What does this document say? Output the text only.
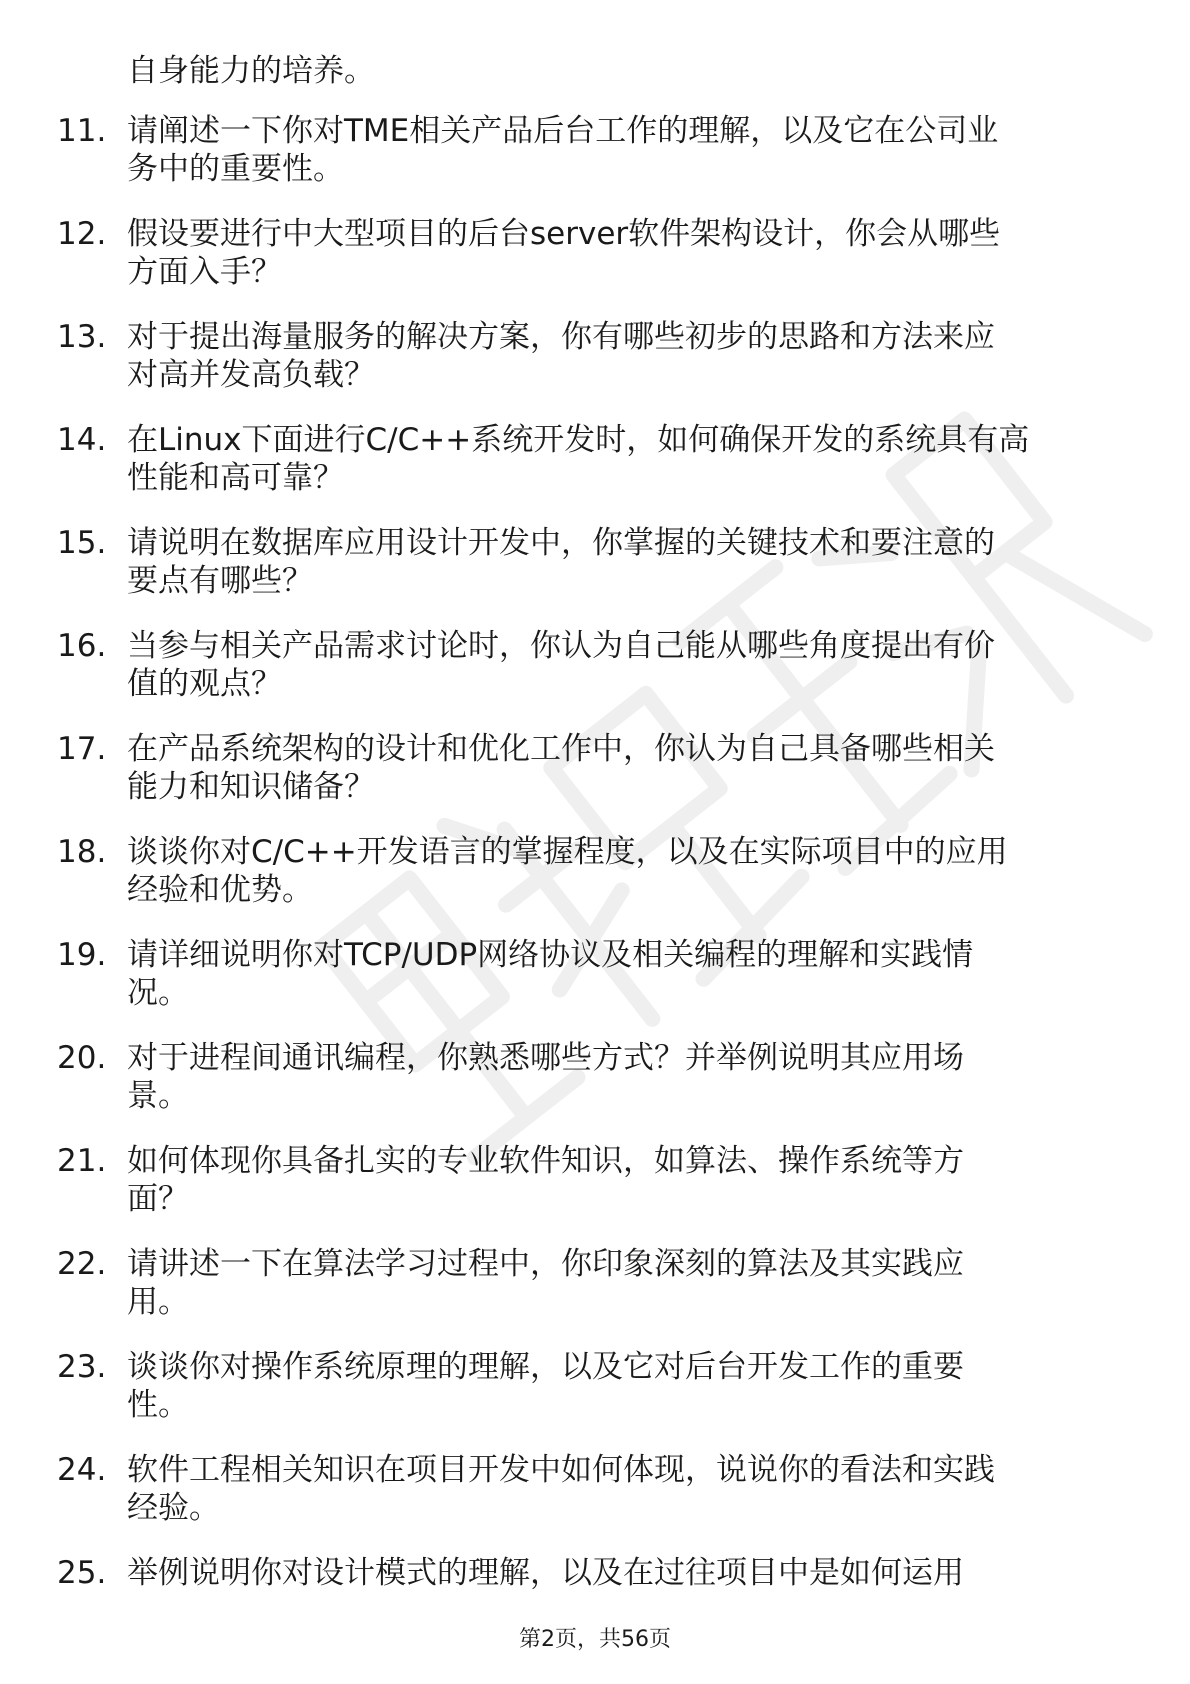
自身能力的培养。
11. 请阐述一下你对TME相关产品后台工作的理解，以及它在公司业
务中的重要性。
12. 假设要进行中大型项目的后台server软件架构设计，你会从哪些
方面入手？
13. 对于提出海量服务的解决方案，你有哪些初步的思路和方法来应
对高并发高负载？
14. 在Linux下面进行C/C++系统开发时，如何确保开发的系统具有高
性能和高可靠？
15. 请说明在数据库应用设计开发中，你掌握的关键技术和要注意的
要点有哪些？
16. 当参与相关产品需求讨论时，你认为自己能从哪些角度提出有价
值的观点？
17. 在产品系统架构的设计和优化工作中，你认为自己具备哪些相关
能力和知识储备？
18. 谈谈你对C/C++开发语言的掌握程度，以及在实际项目中的应用
经验和优势。
19. 请详细说明你对TCP/UDP网络协议及相关编程的理解和实践情
况。
20. 对于进程间通讯编程，你熟悉哪些方式？并举例说明其应用场
景。
21. 如何体现你具备扎实的专业软件知识，如算法、操作系统等方
面？
22. 请讲述一下在算法学习过程中，你印象深刻的算法及其实践应
用。
23. 谈谈你对操作系统原理的理解，以及它对后台开发工作的重要
性。
24. 软件工程相关知识在项目开发中如何体现，说说你的看法和实践
经验。
25. 举例说明你对设计模式的理解，以及在过往项目中是如何运用
第2页，共56页
